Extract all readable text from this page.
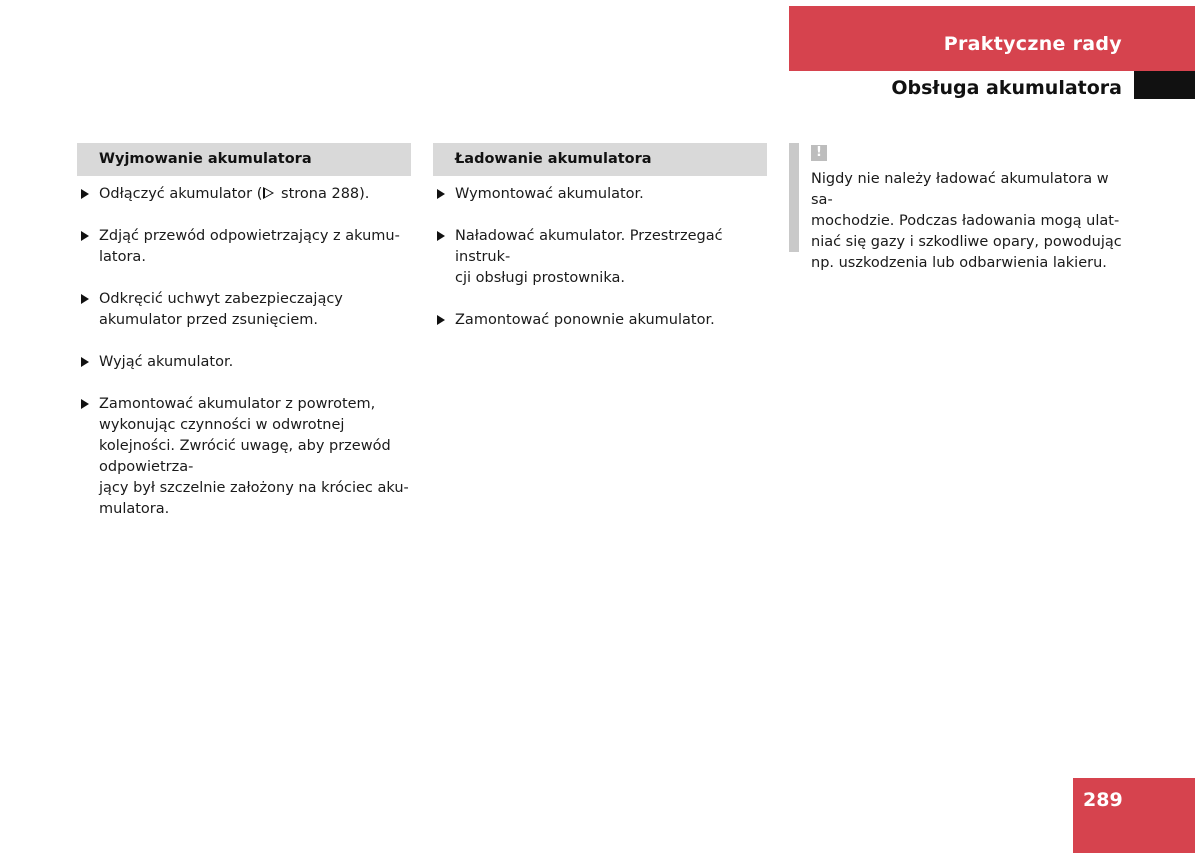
Praktyczne rady
Obsługa akumulatora
Wyjmowanie akumulatora
Odłączyć akumulator ( strona 288).
Zdjąć przewód odpowietrzający z akumu-
latora.
Odkręcić uchwyt zabezpieczający akumulator przed zsunięciem.
Wyjąć akumulator.
Zamontować akumulator z powrotem, wykonując czynności w odwrotnej kolejności. Zwrócić uwagę, aby przewód odpowietrza-
jący był szczelnie założony na króciec aku-
mulatora.
Ładowanie akumulatora
Wymontować akumulator.
Naładować akumulator. Przestrzegać instruk-
cji obsługi prostownika.
Zamontować ponownie akumulator.
!
Nigdy nie należy ładować akumulatora w sa-
mochodzie. Podczas ładowania mogą ulat-
niać się gazy i szkodliwe opary, powodując np. uszkodzenia lub odbarwienia lakieru.
289
